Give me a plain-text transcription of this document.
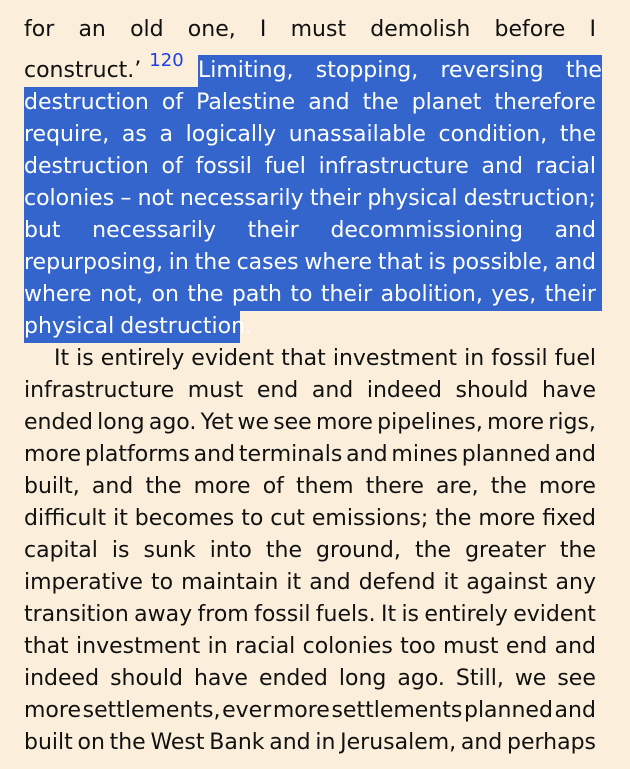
for an old one, I must demolish before I
construct.’ 120 Limiting, stopping, reversing the
destruction of Palestine and the planet therefore
require, as a logically unassailable condition, the
destruction of fossil fuel infrastructure and racial
colonies – not necessarily their physical destruction;
but necessarily their decommissioning and
repurposing, in the cases where that is possible, and
where not, on the path to their abolition, yes, their
physical destruction.
It is entirely evident that investment in fossil fuel
infrastructure must end and indeed should have
ended long ago. Yet we see more pipelines, more rigs,
more platforms and terminals and mines planned and
built, and the more of them there are, the more
difficult it becomes to cut emissions; the more fixed
capital is sunk into the ground, the greater the
imperative to maintain it and defend it against any
transition away from fossil fuels. It is entirely evident
that investment in racial colonies too must end and
indeed should have ended long ago. Still, we see
more settlements, ever more settlements planned and
built on the West Bank and in Jerusalem, and perhaps
